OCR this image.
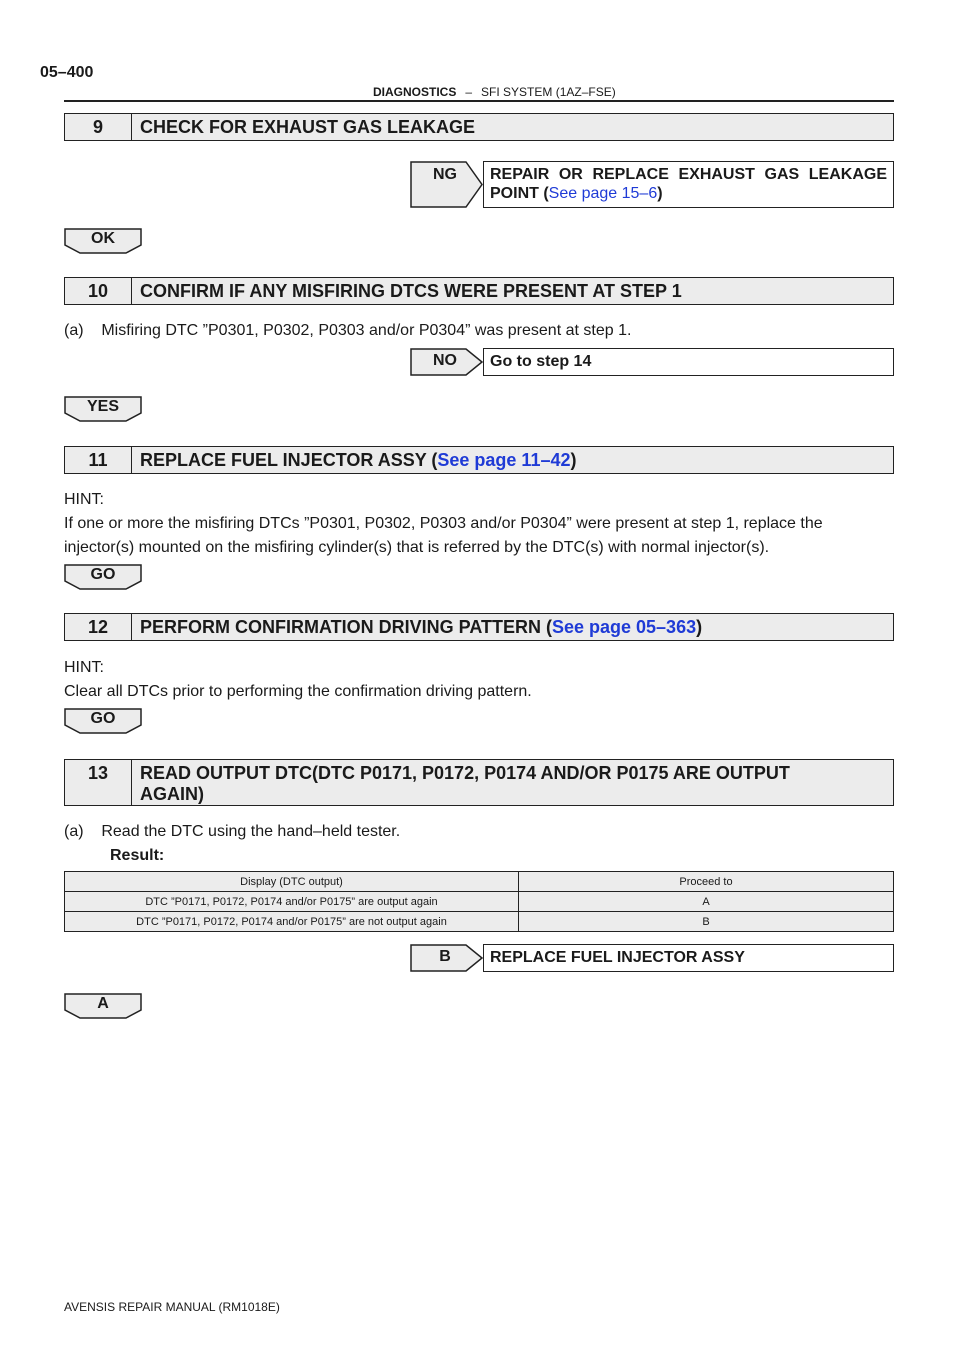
05–400
DIAGNOSTICS – SFI SYSTEM (1AZ–FSE)
9	CHECK FOR EXHAUST GAS LEAKAGE
NG	REPAIR OR REPLACE EXHAUST GAS LEAKAGE POINT (See page 15–6)
OK
10	CONFIRM IF ANY MISFIRING DTCS WERE PRESENT AT STEP 1
(a)    Misfiring DTC ”P0301, P0302, P0303 and/or P0304” was present at step 1.
NO	Go to step 14
YES
11	REPLACE FUEL INJECTOR ASSY (See page 11–42)
HINT:
If one or more the misfiring DTCs ”P0301, P0302, P0303 and/or P0304” were present at step 1, replace the
injector(s) mounted on the misfiring cylinder(s) that is referred by the DTC(s) with normal injector(s).
GO
12	PERFORM CONFIRMATION DRIVING PATTERN (See page 05–363)
HINT:
Clear all DTCs prior to performing the confirmation driving pattern.
GO
13	READ OUTPUT DTC(DTC P0171, P0172, P0174 AND/OR P0175 ARE OUTPUT AGAIN)
(a)    Read the DTC using the hand–held tester.
Result:
Display (DTC output)	Proceed to
DTC ”P0171, P0172, P0174 and/or P0175” are output again	A
DTC ”P0171, P0172, P0174 and/or P0175” are not output again	B
B	REPLACE FUEL INJECTOR ASSY
A
AVENSIS REPAIR MANUAL (RM1018E)
